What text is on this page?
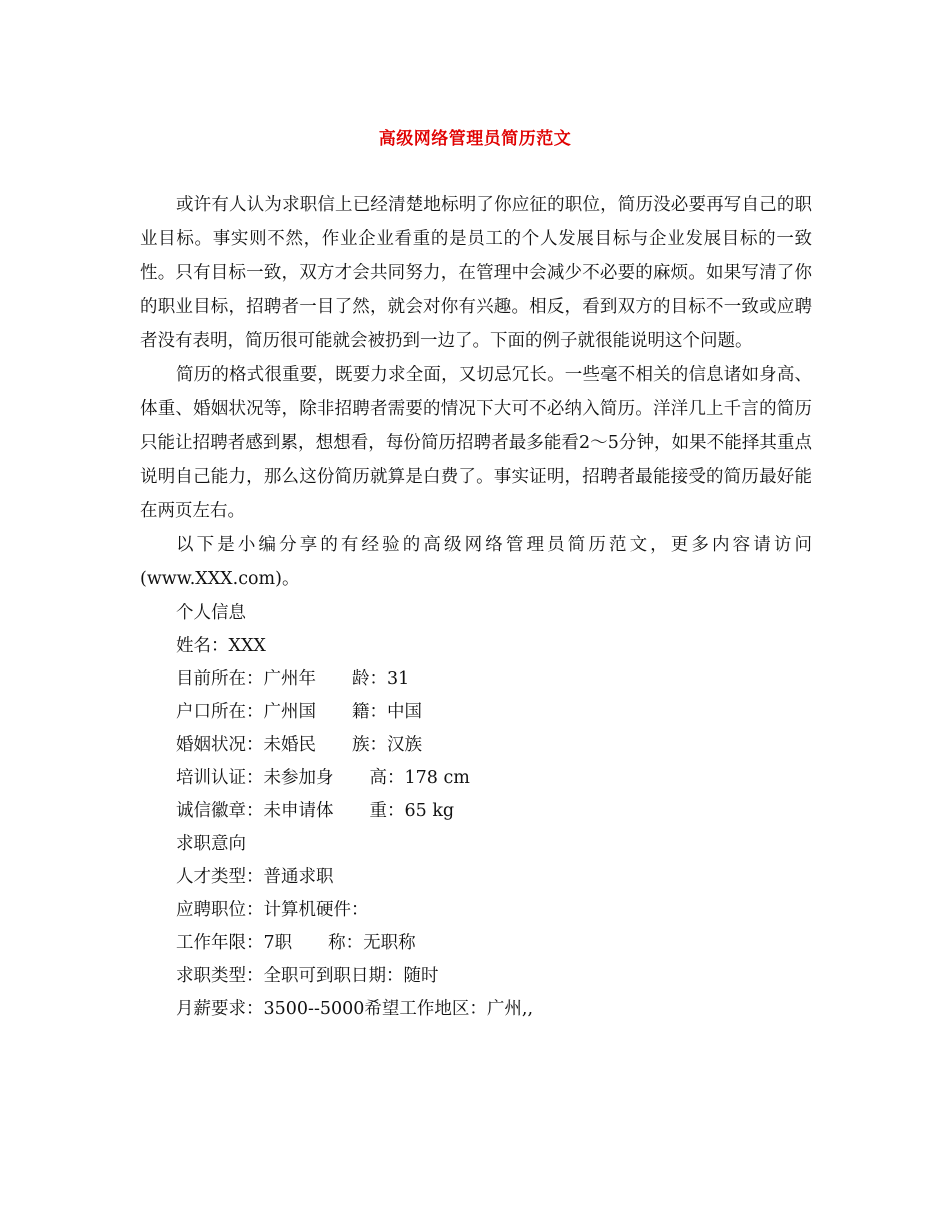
高级网络管理员简历范文

或许有人认为求职信上已经清楚地标明了你应征的职位，简历没必要再写自己的职业目标。事实则不然，作业企业看重的是员工的个人发展目标与企业发展目标的一致性。只有目标一致，双方才会共同努力，在管理中会减少不必要的麻烦。如果写清了你的职业目标，招聘者一目了然，就会对你有兴趣。相反，看到双方的目标不一致或应聘者没有表明，简历很可能就会被扔到一边了。下面的例子就很能说明这个问题。

简历的格式很重要，既要力求全面，又切忌冗长。一些毫不相关的信息诸如身高、体重、婚姻状况等，除非招聘者需要的情况下大可不必纳入简历。洋洋几上千言的简历只能让招聘者感到累，想想看，每份简历招聘者最多能看2～5分钟，如果不能择其重点说明自己能力，那么这份简历就算是白费了。事实证明，招聘者最能接受的简历最好能在两页左右。

以下是小编分享的有经验的高级网络管理员简历范文，更多内容请访问(www.XXX.com)。

个人信息

姓名：XXX

目前所在：广州年 龄：31

户口所在：广州国 籍：中国

婚姻状况：未婚民 族：汉族

培训认证：未参加身 高：178 cm

诚信徽章：未申请体 重：65 kg

求职意向

人才类型：普通求职

应聘职位：计算机硬件：

工作年限：7职 称：无职称

求职类型：全职可到职日期：随时

月薪要求：3500--5000希望工作地区：广州,,
